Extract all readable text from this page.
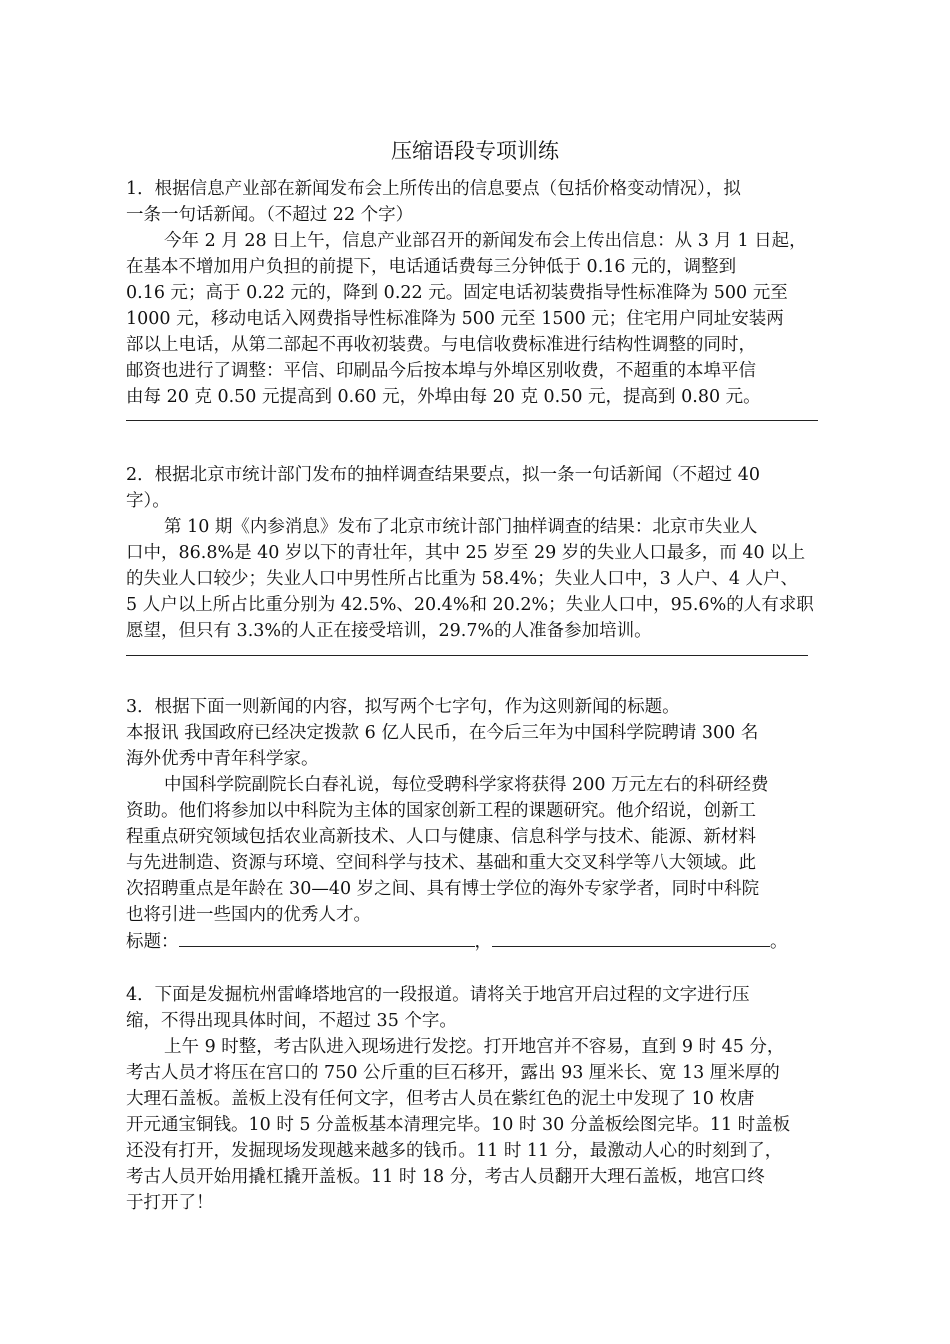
压缩语段专项训练
1．根据信息产业部在新闻发布会上所传出的信息要点（包括价格变动情况），拟
一条一句话新闻。（不超过 22 个字）
今年 2 月 28 日上午，信息产业部召开的新闻发布会上传出信息：从 3 月 1 日起，
在基本不增加用户负担的前提下，电话通话费每三分钟低于 0.16 元的，调整到
0.16 元；高于 0.22 元的，降到 0.22 元。固定电话初装费指导性标准降为 500 元至
1000 元，移动电话入网费指导性标准降为 500 元至 1500 元；住宅用户同址安装两
部以上电话，从第二部起不再收初装费。与电信收费标准进行结构性调整的同时，
邮资也进行了调整：平信、印刷品今后按本埠与外埠区别收费，不超重的本埠平信
由每 20 克 0.50 元提高到 0.60 元，外埠由每 20 克 0.50 元，提高到 0.80 元。
2．根据北京市统计部门发布的抽样调查结果要点，拟一条一句话新闻（不超过 40
字）。
第 10 期《内参消息》发布了北京市统计部门抽样调查的结果：北京市失业人
口中，86.8%是 40 岁以下的青壮年，其中 25 岁至 29 岁的失业人口最多，而 40 以上
的失业人口较少；失业人口中男性所占比重为 58.4%；失业人口中，3 人户、4 人户、
5 人户以上所占比重分别为 42.5%、20.4%和 20.2%；失业人口中，95.6%的人有求职
愿望，但只有 3.3%的人正在接受培训，29.7%的人准备参加培训。
3．根据下面一则新闻的内容，拟写两个七字句，作为这则新闻的标题。
本报讯 我国政府已经决定拨款 6 亿人民币，在今后三年为中国科学院聘请 300 名
海外优秀中青年科学家。
中国科学院副院长白春礼说，每位受聘科学家将获得 200 万元左右的科研经费
资助。他们将参加以中科院为主体的国家创新工程的课题研究。他介绍说，创新工
程重点研究领域包括农业高新技术、人口与健康、信息科学与技术、能源、新材料
与先进制造、资源与环境、空间科学与技术、基础和重大交叉科学等八大领域。此
次招聘重点是年龄在 30—40 岁之间、具有博士学位的海外专家学者，同时中科院
也将引进一些国内的优秀人才。
标题：	，	。
4．下面是发掘杭州雷峰塔地宫的一段报道。请将关于地宫开启过程的文字进行压
缩，不得出现具体时间，不超过 35 个字。
上午 9 时整，考古队进入现场进行发挖。打开地宫并不容易，直到 9 时 45 分，
考古人员才将压在宫口的 750 公斤重的巨石移开，露出 93 厘米长、宽 13 厘米厚的
大理石盖板。盖板上没有任何文字，但考古人员在紫红色的泥土中发现了 10 枚唐
开元通宝铜钱。10 时 5 分盖板基本清理完毕。10 时 30 分盖板绘图完毕。11 时盖板
还没有打开，发掘现场发现越来越多的钱币。11 时 11 分，最激动人心的时刻到了，
考古人员开始用撬杠撬开盖板。11 时 18 分，考古人员翻开大理石盖板，地宫口终
于打开了！
